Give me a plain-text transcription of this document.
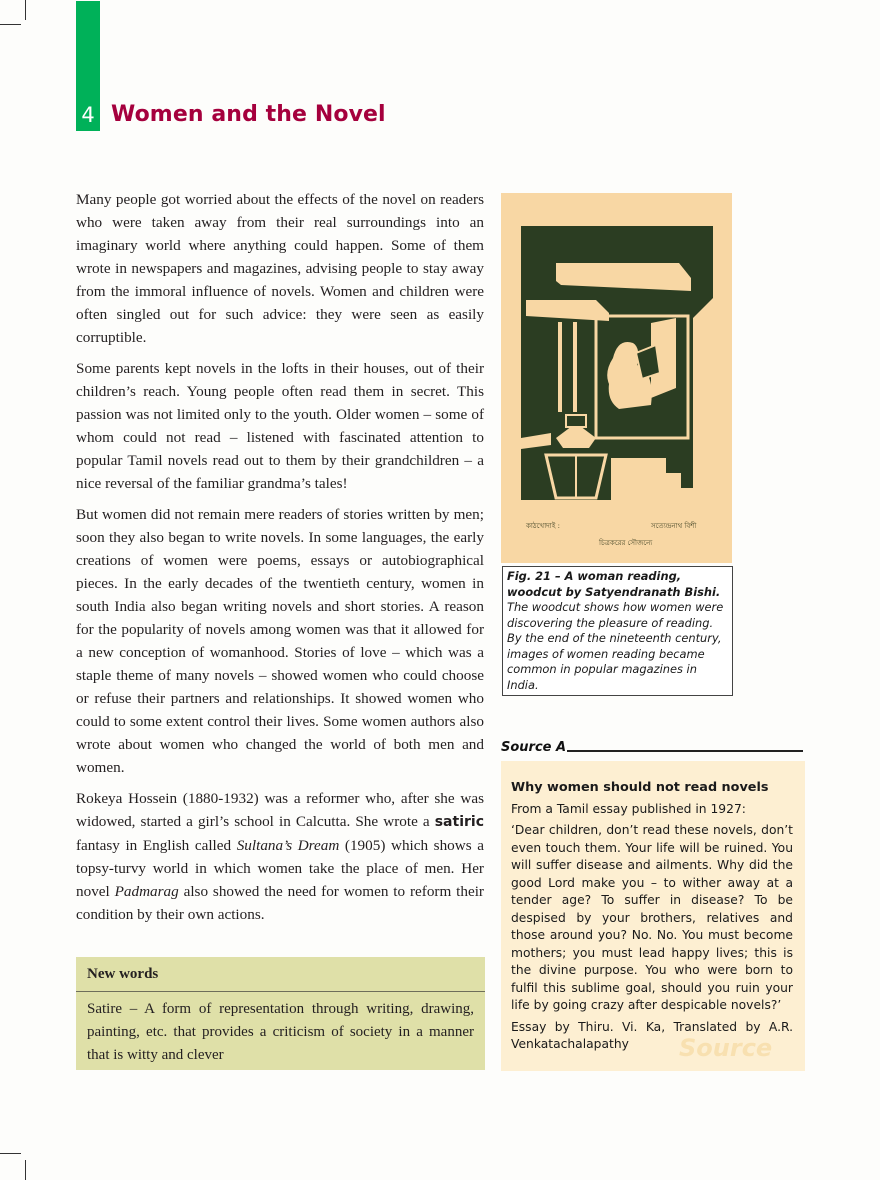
4 Women and the Novel

Many people got worried about the effects of the novel on readers who were taken away from their real surroundings into an imaginary world where anything could happen. Some of them wrote in newspapers and magazines, advising people to stay away from the immoral influence of novels. Women and children were often singled out for such advice: they were seen as easily corruptible.

Some parents kept novels in the lofts in their houses, out of their children’s reach. Young people often read them in secret. This passion was not limited only to the youth. Older women – some of whom could not read – listened with fascinated attention to popular Tamil novels read out to them by their grandchildren – a nice reversal of the familiar grandma’s tales!

But women did not remain mere readers of stories written by men; soon they also began to write novels. In some languages, the early creations of women were poems, essays or autobiographical pieces. In the early decades of the twentieth century, women in south India also began writing novels and short stories. A reason for the popularity of novels among women was that it allowed for a new conception of womanhood. Stories of love – which was a staple theme of many novels – showed women who could choose or refuse their partners and relationships. It showed women who could to some extent control their lives. Some women authors also wrote about women who changed the world of both men and women.

Rokeya Hossein (1880-1932) was a reformer who, after she was widowed, started a girl’s school in Calcutta. She wrote a satiric fantasy in English called Sultana’s Dream (1905) which shows a topsy-turvy world in which women take the place of men. Her novel Padmarag also showed the need for women to reform their condition by their own actions.

New words
Satire – A form of representation through writing, drawing, painting, etc. that provides a criticism of society in a manner that is witty and clever
কাঠখোদাই :	সত্যেন্দ্রনাথ বিশী
চিত্রকরের সৌজন্যে
Fig. 21 – A woman reading, woodcut by Satyendranath Bishi. The woodcut shows how women were discovering the pleasure of reading. By the end of the nineteenth century, images of women reading became common in popular magazines in India.
Source A
Source
Why women should not read novels
From a Tamil essay published in 1927:
‘Dear children, don’t read these novels, don’t even touch them. Your life will be ruined. You will suffer disease and ailments. Why did the good Lord make you – to wither away at a tender age? To suffer in disease? To be despised by your brothers, relatives and those around you? No. No. You must become mothers; you must lead happy lives; this is the divine purpose. You who were born to fulfil this sublime goal, should you ruin your life by going crazy after despicable novels?’
Essay by Thiru. Vi. Ka, Translated by A.R. Venkatachalapathy
